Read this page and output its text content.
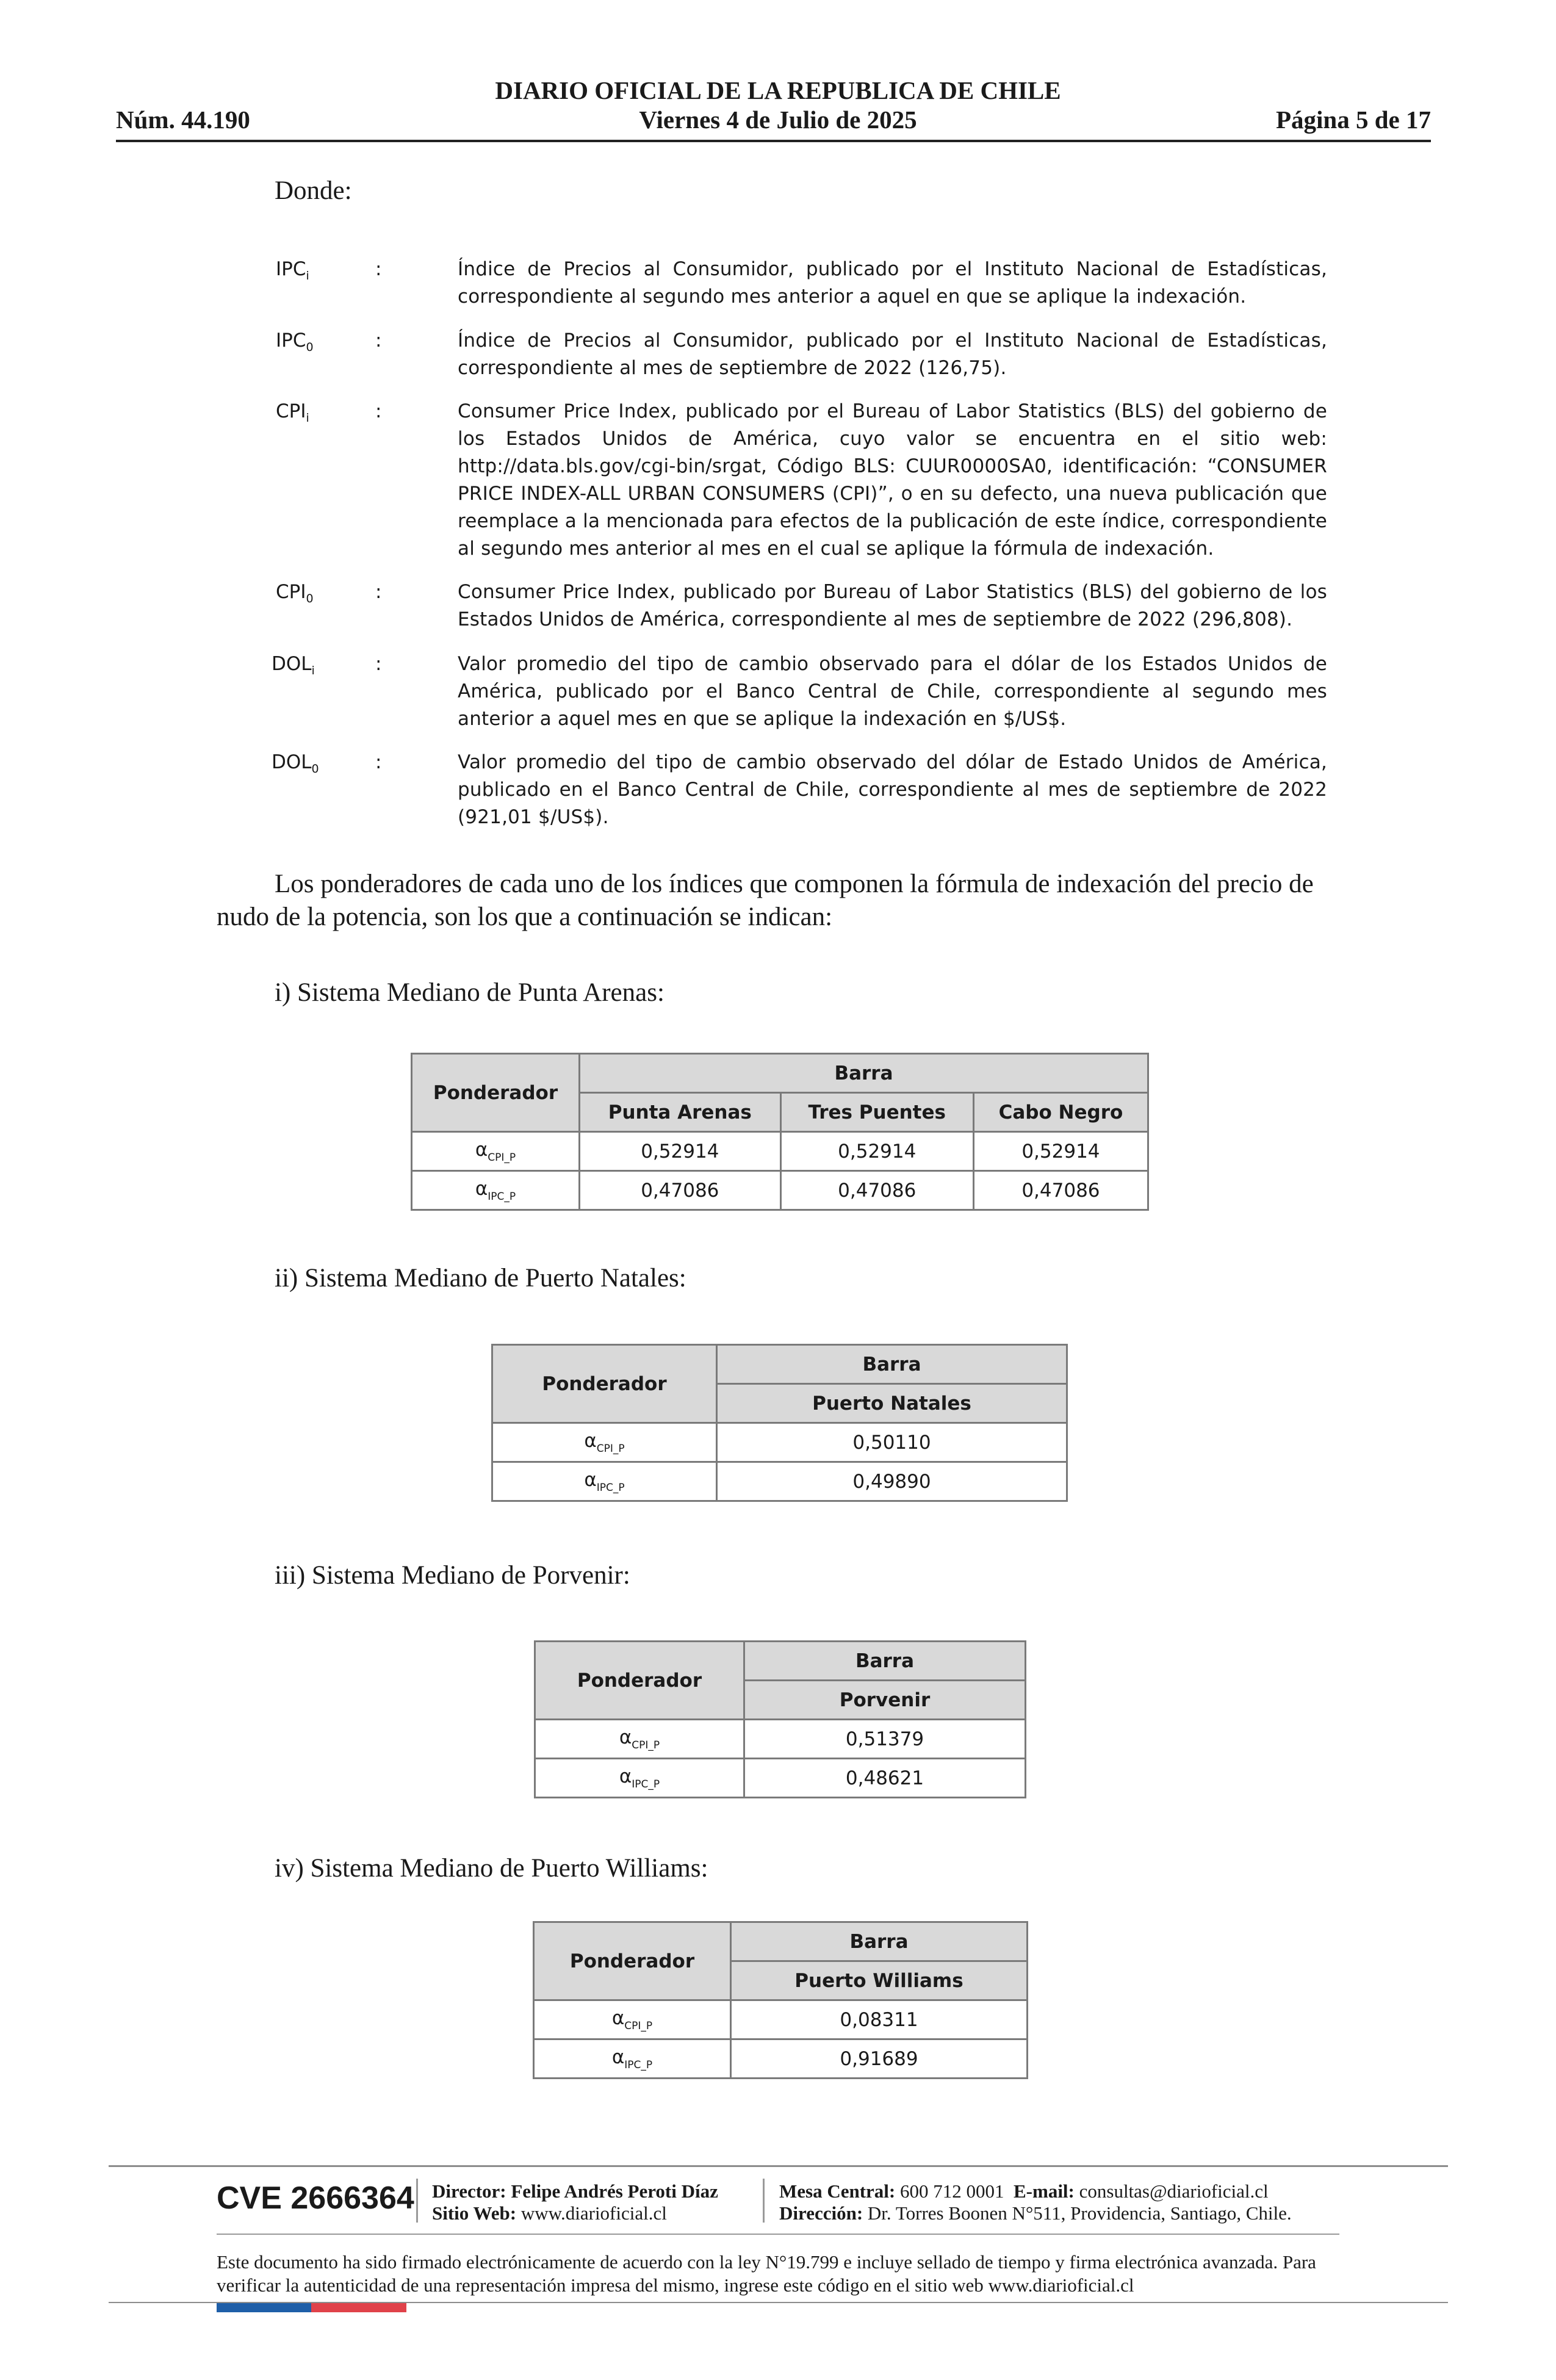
DIARIO OFICIAL DE LA REPUBLICA DE CHILE
Núm. 44.190	Viernes 4 de Julio de 2025	Página 5 de 17
Donde:
$IPC_i$	:	Índice de Precios al Consumidor, publicado por el Instituto Nacional de Estadísticas, correspondiente al segundo mes anterior a aquel en que se aplique la indexación.
$IPC_0$	:	Índice de Precios al Consumidor, publicado por el Instituto Nacional de Estadísticas, correspondiente al mes de septiembre de 2022 (126,75).
$CPI_i$	:	Consumer Price Index, publicado por el Bureau of Labor Statistics (BLS) del gobierno de los Estados Unidos de América, cuyo valor se encuentra en el sitio web: http://data.bls.gov/cgi-bin/srgat, Código BLS: CUUR0000SA0, identificación: “CONSUMER PRICE INDEX-ALL URBAN CONSUMERS (CPI)”, o en su defecto, una nueva publicación que reemplace a la mencionada para efectos de la publicación de este índice, correspondiente al segundo mes anterior al mes en el cual se aplique la fórmula de indexación.
$CPI_0$	:	Consumer Price Index, publicado por Bureau of Labor Statistics (BLS) del gobierno de los Estados Unidos de América, correspondiente al mes de septiembre de 2022 (296,808).
$DOL_i$	:	Valor promedio del tipo de cambio observado para el dólar de los Estados Unidos de América, publicado por el Banco Central de Chile, correspondiente al segundo mes anterior a aquel mes en que se aplique la indexación en $/US$.
$DOL_0$	:	Valor promedio del tipo de cambio observado del dólar de Estado Unidos de América, publicado en el Banco Central de Chile, correspondiente al mes de septiembre de 2022 (921,01 $/US$).
Los ponderadores de cada uno de los índices que componen la fórmula de indexación del precio de nudo de la potencia, son los que a continuación se indican:
i) Sistema Mediano de Punta Arenas:
Ponderador	Barra		
	Punta Arenas	Tres Puentes	Cabo Negro
$\alpha_{CPI\_P}$	0,52914	0,52914	0,52914
$\alpha_{IPC\_P}$	0,47086	0,47086	0,47086
ii) Sistema Mediano de Puerto Natales:
Ponderador	Barra
	Puerto Natales
$\alpha_{CPI\_P}$	0,50110
$\alpha_{IPC\_P}$	0,49890
iii) Sistema Mediano de Porvenir:
Ponderador	Barra
	Porvenir
$\alpha_{CPI\_P}$	0,51379
$\alpha_{IPC\_P}$	0,48621
iv) Sistema Mediano de Puerto Williams:
Ponderador	Barra
	Puerto Williams
$\alpha_{CPI\_P}$	0,08311
$\alpha_{IPC\_P}$	0,91689
CVE 2666364 Director: Felipe Andrés Peroti Díaz
Sitio Web: www.diarioficial.cl
Mesa Central: 600 712 0001 E-mail: consultas@diarioficial.cl
Dirección: Dr. Torres Boonen N°511, Providencia, Santiago, Chile.
Este documento ha sido firmado electrónicamente de acuerdo con la ley N°19.799 e incluye sellado de tiempo y firma electrónica avanzada. Para verificar la autenticidad de una representación impresa del mismo, ingrese este código en el sitio web www.diarioficial.cl
